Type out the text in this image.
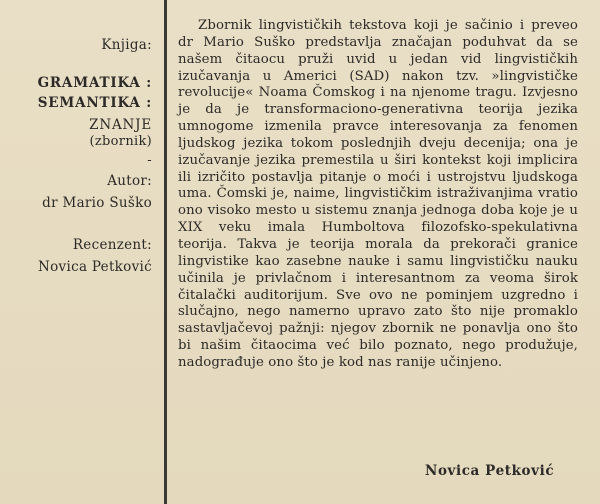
Knjiga:
GRAMATIKA :
SEMANTIKA :
ZNANJE
(zbornik)
-
Autor:
dr Mario Suško
Recenzent:
Novica Petković

Zbornik lingvističkih tekstova koji je sačinio i preveo dr Mario Suško predstavlja značajan poduhvat da se našem čitaocu pruži uvid u jedan vid lingvističkih izučavanja u Americi (SAD) nakon tzv. »lingvističke revolucije« Noama Čomskog i na njenome tragu. Izvjesno je da je transformaciono-generativna teorija jezika umnogome izmenila pravce interesovanja za fenomen ljudskog jezika tokom poslednjih dveju decenija; ona je izučavanje jezika premestila u širi kontekst koji implicira ili izričito postavlja pitanje o moći i ustrojstvu ljudskoga uma. Čomski je, naime, lingvističkim istraživanjima vratio ono visoko mesto u sistemu znanja jednoga doba koje je u XIX veku imala Humboltova filozofsko-spekulativna teorija. Takva je teorija morala da prekorači granice lingvistike kao zasebne nauke i samu lingvističku nauku učinila je privlačnom i interesantnom za veoma širok čitalački auditorijum. Sve ovo ne pominjem uzgredno i slučajno, nego namerno upravo zato što nije promaklo sastavljačevoj pažnji: njegov zbornik ne ponavlja ono što bi našim čitaocima već bilo poznato, nego produžuje, nadograđuje ono što je kod nas ranije učinjeno.

Novica Petković
